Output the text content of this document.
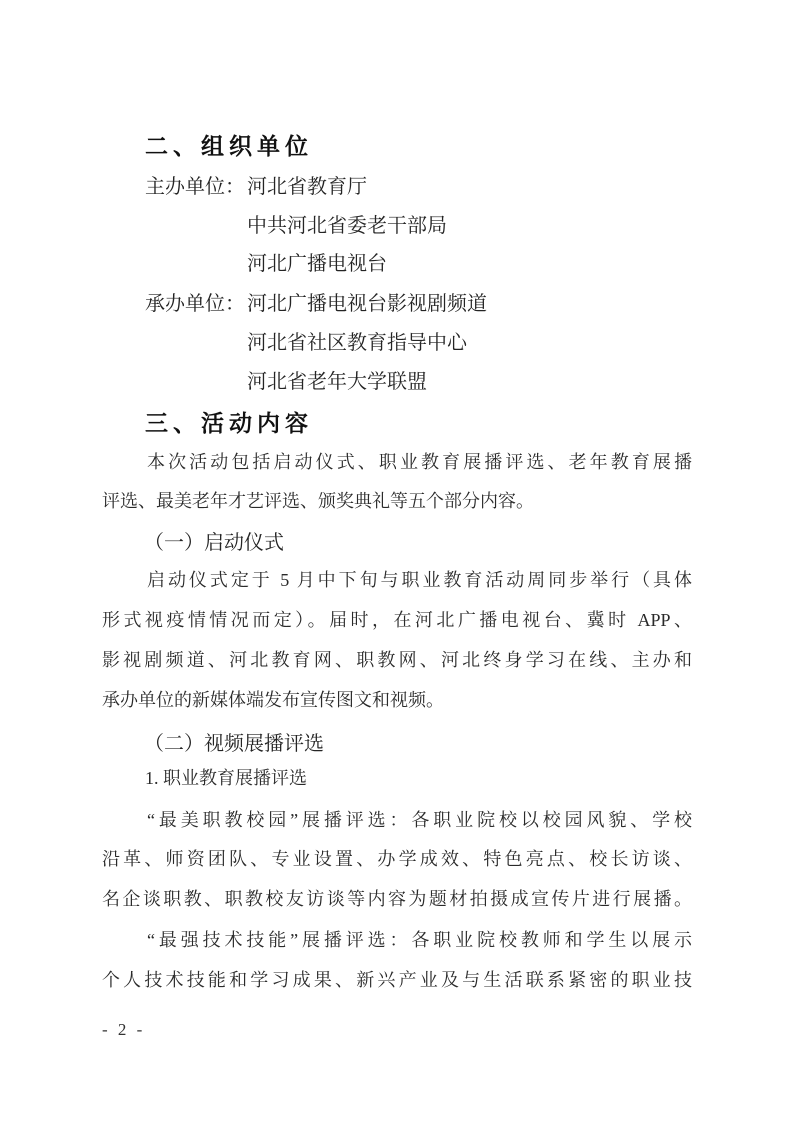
二、组织单位
主办单位： 河北省教育厅
中共河北省委老干部局
河北广播电视台
承办单位： 河北广播电视台影视剧频道
河北省社区教育指导中心
河北省老年大学联盟
三、活动内容
本次活动包括启动仪式、职业教育展播评选、老年教育展播
评选、最美老年才艺评选、颁奖典礼等五个部分内容。
（一）启动仪式
启动仪式定于 5 月中下旬与职业教育活动周同步举行（具体
形式视疫情情况而定）。届时，在河北广播电视台、冀时 APP、
影视剧频道、河北教育网、职教网、河北终身学习在线、主办和
承办单位的新媒体端发布宣传图文和视频。
（二）视频展播评选
1. 职业教育展播评选
“最美职教校园”展播评选：各职业院校以校园风貌、学校
沿革、师资团队、专业设置、办学成效、特色亮点、校长访谈、
名企谈职教、职教校友访谈等内容为题材拍摄成宣传片进行展播。
“最强技术技能”展播评选：各职业院校教师和学生以展示
个人技术技能和学习成果、新兴产业及与生活联系紧密的职业技
- 2 -
